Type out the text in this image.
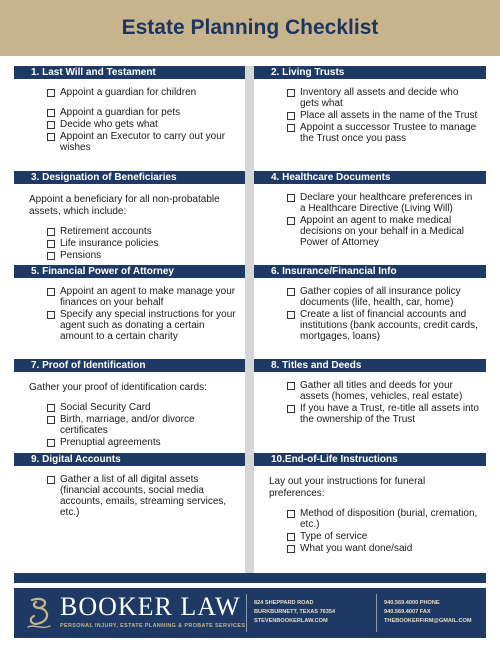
Estate Planning Checklist
1. Last Will and Testament
Appoint a guardian for children
Appoint a guardian for pets
Decide who gets what
Appoint an Executor to carry out your wishes
2. Living Trusts
Inventory all assets and decide who gets what
Place all assets in the name of the Trust
Appoint a successor Trustee to manage the Trust once you pass
3. Designation of Beneficiaries
Appoint a beneficiary for all non-probatable assets, which include:
Retirement accounts
Life insurance policies
Pensions
4. Healthcare Documents
Declare your healthcare preferences in a Healthcare Directive (Living Will)
Appoint an agent to make medical decisions on your behalf in a Medical Power of Attorney
5. Financial Power of Attorney
Appoint an agent to make manage your finances on your behalf
Specify any special instructions for your agent such as donating a certain amount to a certain charity
6. Insurance/Financial Info
Gather copies of all insurance policy documents (life, health, car, home)
Create a list of financial accounts and institutions (bank accounts, credit cards, mortgages, loans)
7. Proof of Identification
Gather your proof of identification cards:
Social Security Card
Birth, marriage, and/or divorce certificates
Prenuptial agreements
8. Titles and Deeds
Gather all titles and deeds for your assets (homes, vehicles, real estate)
If you have a Trust, re-title all assets into the ownership of the Trust
9. Digital Accounts
Gather a list of all digital assets (financial accounts, social media accounts, emails, streaming services, etc.)
10.End-of-Life Instructions
Lay out your instructions for funeral preferences:
Method of disposition (burial, cremation, etc.)
Type of service
What you want done/said
BOOKER LAW
PERSONAL INJURY, ESTATE PLANNING & PROBATE SERVICES
824 SHEPPARD ROAD
BURKBURNETT, TEXAS 76354
STEVENBOOKERLAW.COM
940.569.4000 PHONE
940.569.4007 FAX
THEBOOKERFIRM@GMAIL.COM
